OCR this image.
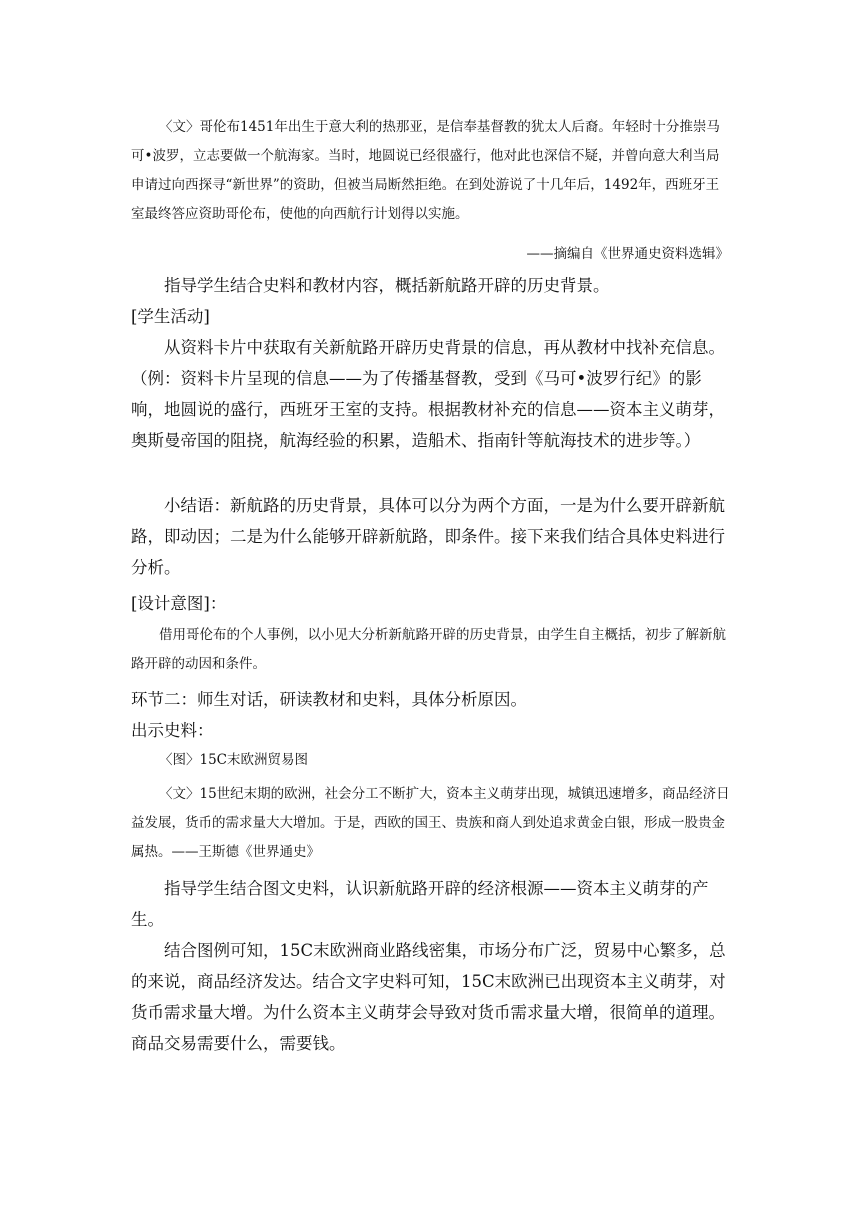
〈文〉哥伦布1451年出生于意大利的热那亚，是信奉基督教的犹太人后裔。年轻时十分推崇马可•波罗，立志要做一个航海家。当时，地圆说已经很盛行，他对此也深信不疑，并曾向意大利当局申请过向西探寻“新世界”的资助，但被当局断然拒绝。在到处游说了十几年后，1492年，西班牙王室最终答应资助哥伦布，使他的向西航行计划得以实施。

——摘编自《世界通史资料选辑》

指导学生结合史料和教材内容，概括新航路开辟的历史背景。

[学生活动]

从资料卡片中获取有关新航路开辟历史背景的信息，再从教材中找补充信息。（例：资料卡片呈现的信息——为了传播基督教，受到《马可•波罗行纪》的影响，地圆说的盛行，西班牙王室的支持。根据教材补充的信息——资本主义萌芽，奥斯曼帝国的阻挠，航海经验的积累，造船术、指南针等航海技术的进步等。）

小结语：新航路的历史背景，具体可以分为两个方面，一是为什么要开辟新航路，即动因；二是为什么能够开辟新航路，即条件。接下来我们结合具体史料进行分析。

[设计意图]：

借用哥伦布的个人事例，以小见大分析新航路开辟的历史背景，由学生自主概括，初步了解新航路开辟的动因和条件。

环节二：师生对话，研读教材和史料，具体分析原因。

出示史料：

〈图〉15C末欧洲贸易图

〈文〉15世纪末期的欧洲，社会分工不断扩大，资本主义萌芽出现，城镇迅速增多，商品经济日益发展，货币的需求量大大增加。于是，西欧的国王、贵族和商人到处追求黄金白银，形成一股贵金属热。——王斯德《世界通史》

指导学生结合图文史料，认识新航路开辟的经济根源——资本主义萌芽的产生。

结合图例可知，15C末欧洲商业路线密集，市场分布广泛，贸易中心繁多，总的来说，商品经济发达。结合文字史料可知，15C末欧洲已出现资本主义萌芽，对货币需求量大增。为什么资本主义萌芽会导致对货币需求量大增，很简单的道理。商品交易需要什么，需要钱。
